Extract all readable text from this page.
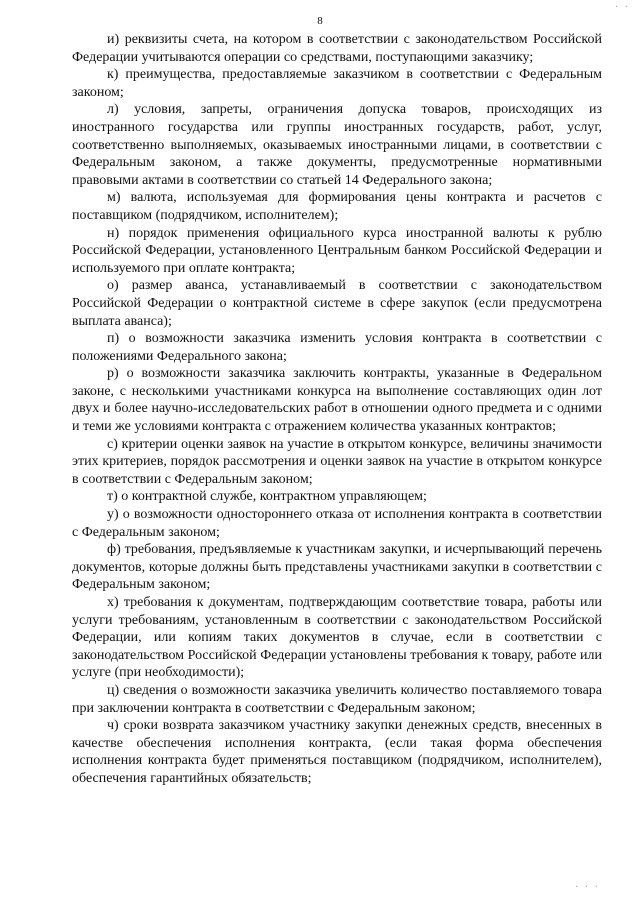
8
· ·
· · ·

и) реквизиты счета, на котором в соответствии с законодательством Российской Федерации учитываются операции со средствами, поступающими заказчику;

к) преимущества, предоставляемые заказчиком в соответствии с Федеральным законом;

л) условия, запреты, ограничения допуска товаров, происходящих из иностранного государства или группы иностранных государств, работ, услуг, соответственно выполняемых, оказываемых иностранными лицами, в соответствии с Федеральным законом, а также документы, предусмотренные нормативными правовыми актами в соответствии со статьей 14 Федерального закона;

м) валюта, используемая для формирования цены контракта и расчетов с поставщиком (подрядчиком, исполнителем);

н) порядок применения официального курса иностранной валюты к рублю Российской Федерации, установленного Центральным банком Российской Федерации и используемого при оплате контракта;

о) размер аванса, устанавливаемый в соответствии с законодательством Российской Федерации о контрактной системе в сфере закупок (если предусмотрена выплата аванса);

п) о возможности заказчика изменить условия контракта в соответствии с положениями Федерального закона;

р) о возможности заказчика заключить контракты, указанные в Федеральном законе, с несколькими участниками конкурса на выполнение составляющих один лот двух и более научно-исследовательских работ в отношении одного предмета и с одними и теми же условиями контракта с отражением количества указанных контрактов;

с) критерии оценки заявок на участие в открытом конкурсе, величины значимости этих критериев, порядок рассмотрения и оценки заявок на участие в открытом конкурсе в соответствии с Федеральным законом;

т) о контрактной службе, контрактном управляющем;

у) о возможности одностороннего отказа от исполнения контракта в соответствии с Федеральным законом;

ф) требования, предъявляемые к участникам закупки, и исчерпывающий перечень документов, которые должны быть представлены участниками закупки в соответствии с Федеральным законом;

х) требования к документам, подтверждающим соответствие товара, работы или услуги требованиям, установленным в соответствии с законодательством Российской Федерации, или копиям таких документов в случае, если в соответствии с законодательством Российской Федерации установлены требования к товару, работе или услуге (при необходимости);

ц) сведения о возможности заказчика увеличить количество поставляемого товара при заключении контракта в соответствии с Федеральным законом;

ч) сроки возврата заказчиком участнику закупки денежных средств, внесенных в качестве обеспечения исполнения контракта, (если такая форма обеспечения исполнения контракта будет применяться поставщиком (подрядчиком, исполнителем), обеспечения гарантийных обязательств;
